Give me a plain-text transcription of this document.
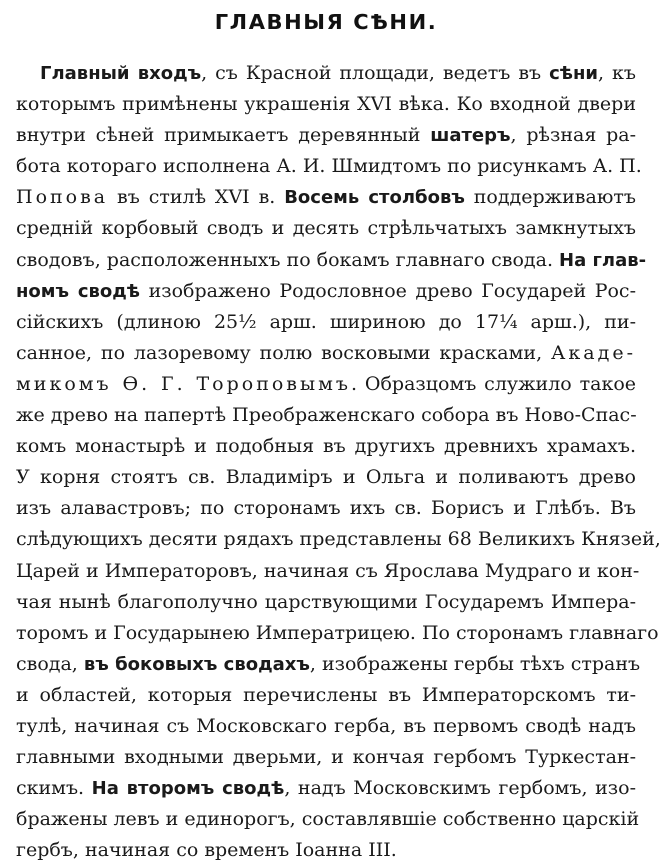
ГЛАВНЫЯ СѢНИ.
Главный входъ, съ Красной площади, ведетъ въ сѣни, къ
которымъ примѣнены украшенія XVI вѣка. Ко входной двери
внутри сѣней примыкаетъ деревянный шатеръ, рѣзная ра-
бота котораго исполнена А. И. Шмидтомъ по рисункамъ А. П.
Попова въ стилѣ XVI в. Восемь столбовъ поддерживаютъ
средній корбовый сводъ и десять стрѣльчатыхъ замкнутыхъ
сводовъ, расположенныхъ по бокамъ главнаго свода. На глав-
номъ сводѣ изображено Родословное древо Государей Рос-
сійскихъ (длиною 25½ арш. шириною до 17¼ арш.), пи-
санное, по лазоревому полю восковыми красками, Акаде-
микомъ Ѳ. Г. Тороповымъ. Образцомъ служило такое
же древо на папертѣ Преображенскаго собора въ Ново-Спас-
комъ монастырѣ и подобныя въ другихъ древнихъ храмахъ.
У корня стоятъ св. Владиміръ и Ольга и поливаютъ древо
изъ алавастровъ; по сторонамъ ихъ св. Борисъ и Глѣбъ. Въ
слѣдующихъ десяти рядахъ представлены 68 Великихъ Князей,
Царей и Императоровъ, начиная съ Ярослава Мудраго и кон-
чая нынѣ благополучно царствующими Государемъ Импера-
торомъ и Государынею Императрицею. По сторонамъ главнаго
свода, въ боковыхъ сводахъ, изображены гербы тѣхъ странъ
и областей, которыя перечислены въ Императорскомъ ти-
тулѣ, начиная съ Московскаго герба, въ первомъ сводѣ надъ
главными входными дверьми, и кончая гербомъ Туркестан-
скимъ. На второмъ сводѣ, надъ Московскимъ гербомъ, изо-
бражены левъ и единорогъ, составлявшіе собственно царскій
гербъ, начиная со временъ Іоанна III.
